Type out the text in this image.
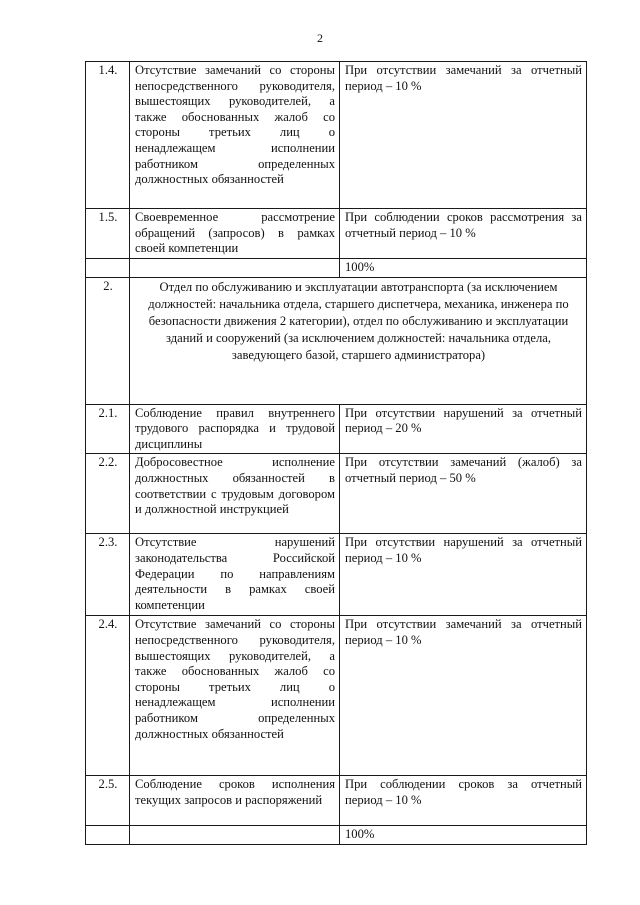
2
1.4.	Отсутствие замечаний со стороны непосредственного руководителя, вышестоящих руководителей, а также обоснованных жалоб со стороны третьих лиц о ненадлежащем исполнении работником определенных должностных обязанностей	При отсутствии замечаний за отчетный период – 10 %
1.5.	Своевременное рассмотрение обращений (запросов) в рамках своей компетенции	При соблюдении сроков рассмотрения за отчетный период – 10 %
		100%
2.	Отдел по обслуживанию и эксплуатации автотранспорта (за исключением должностей: начальника отдела, старшего диспетчера, механика, инженера по безопасности движения 2 категории), отдел по обслуживанию и эксплуатации зданий и сооружений (за исключением должностей: начальника отдела, заведующего базой, старшего администратора)	
2.1.	Соблюдение правил внутреннего трудового распорядка и трудовой дисциплины	При отсутствии нарушений за отчетный период – 20 %
2.2.	Добросовестное исполнение должностных обязанностей в соответствии с трудовым договором и должностной инструкцией	При отсутствии замечаний (жалоб) за отчетный период – 50 %
2.3.	Отсутствие нарушений законодательства Российской Федерации по направлениям деятельности в рамках своей компетенции	При отсутствии нарушений за отчетный период – 10 %
2.4.	Отсутствие замечаний со стороны непосредственного руководителя, вышестоящих руководителей, а также обоснованных жалоб со стороны третьих лиц о ненадлежащем исполнении работником определенных должностных обязанностей	При отсутствии замечаний за отчетный период – 10 %
2.5.	Соблюдение сроков исполнения текущих запросов и распоряжений	При соблюдении сроков за отчетный период – 10 %
		100%
